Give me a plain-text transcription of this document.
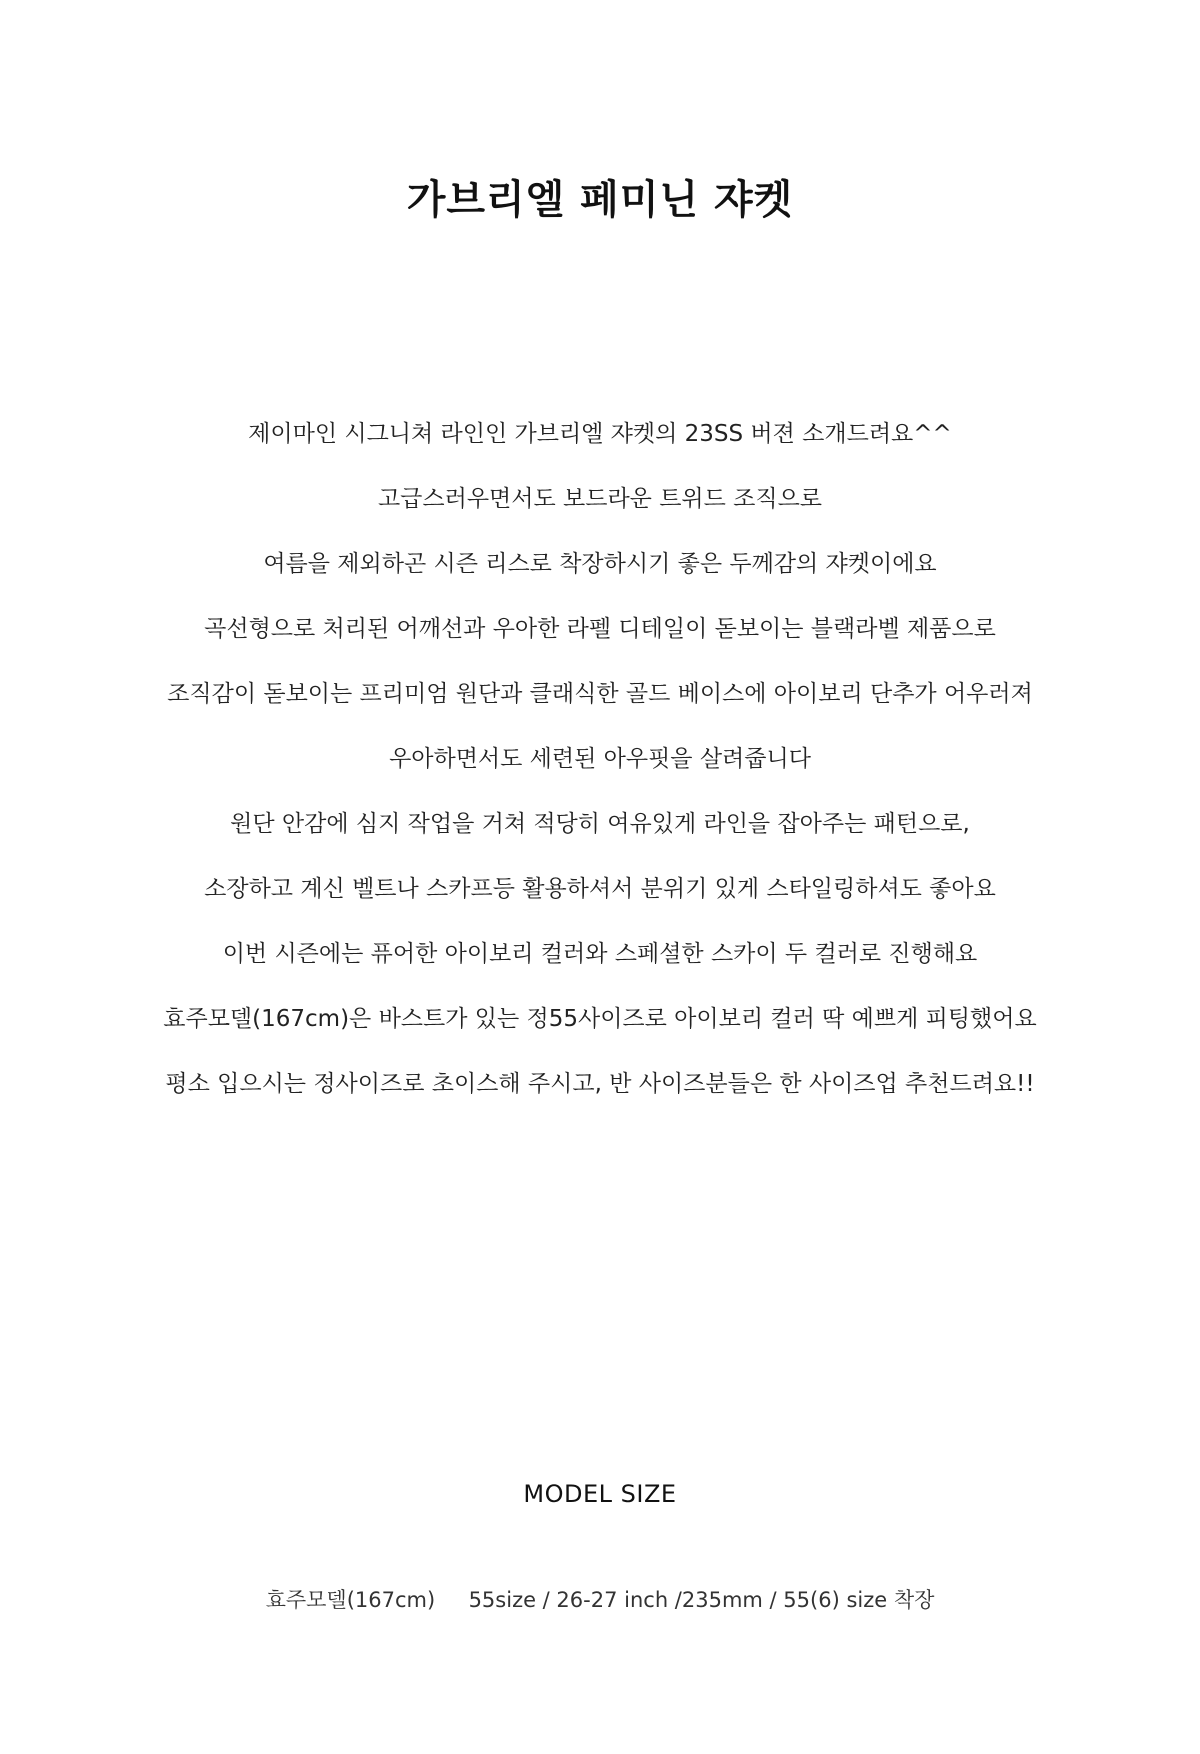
가브리엘 페미닌 쟈켓
제이마인 시그니쳐 라인인 가브리엘 쟈켓의 23SS 버젼 소개드려요^^
고급스러우면서도 보드라운 트위드 조직으로
여름을 제외하곤 시즌 리스로 착장하시기 좋은 두께감의 쟈켓이에요
곡선형으로 처리된 어깨선과 우아한 라펠 디테일이 돋보이는 블랙라벨 제품으로
조직감이 돋보이는 프리미엄 원단과 클래식한 골드 베이스에 아이보리 단추가 어우러져
우아하면서도 세련된 아우핏을 살려줍니다
원단 안감에 심지 작업을 거쳐 적당히 여유있게 라인을 잡아주는 패턴으로,
소장하고 계신 벨트나 스카프등 활용하셔서 분위기 있게 스타일링하셔도 좋아요
이번 시즌에는 퓨어한 아이보리 컬러와 스페셜한 스카이 두 컬러로 진행해요
효주모델(167cm)은 바스트가 있는 정55사이즈로 아이보리 컬러 딱 예쁘게 피팅했어요
평소 입으시는 정사이즈로 초이스해 주시고, 반 사이즈분들은 한 사이즈업 추천드려요!!
MODEL SIZE
효주모델(167cm)     55size / 26-27 inch /235mm / 55(6) size 착장
